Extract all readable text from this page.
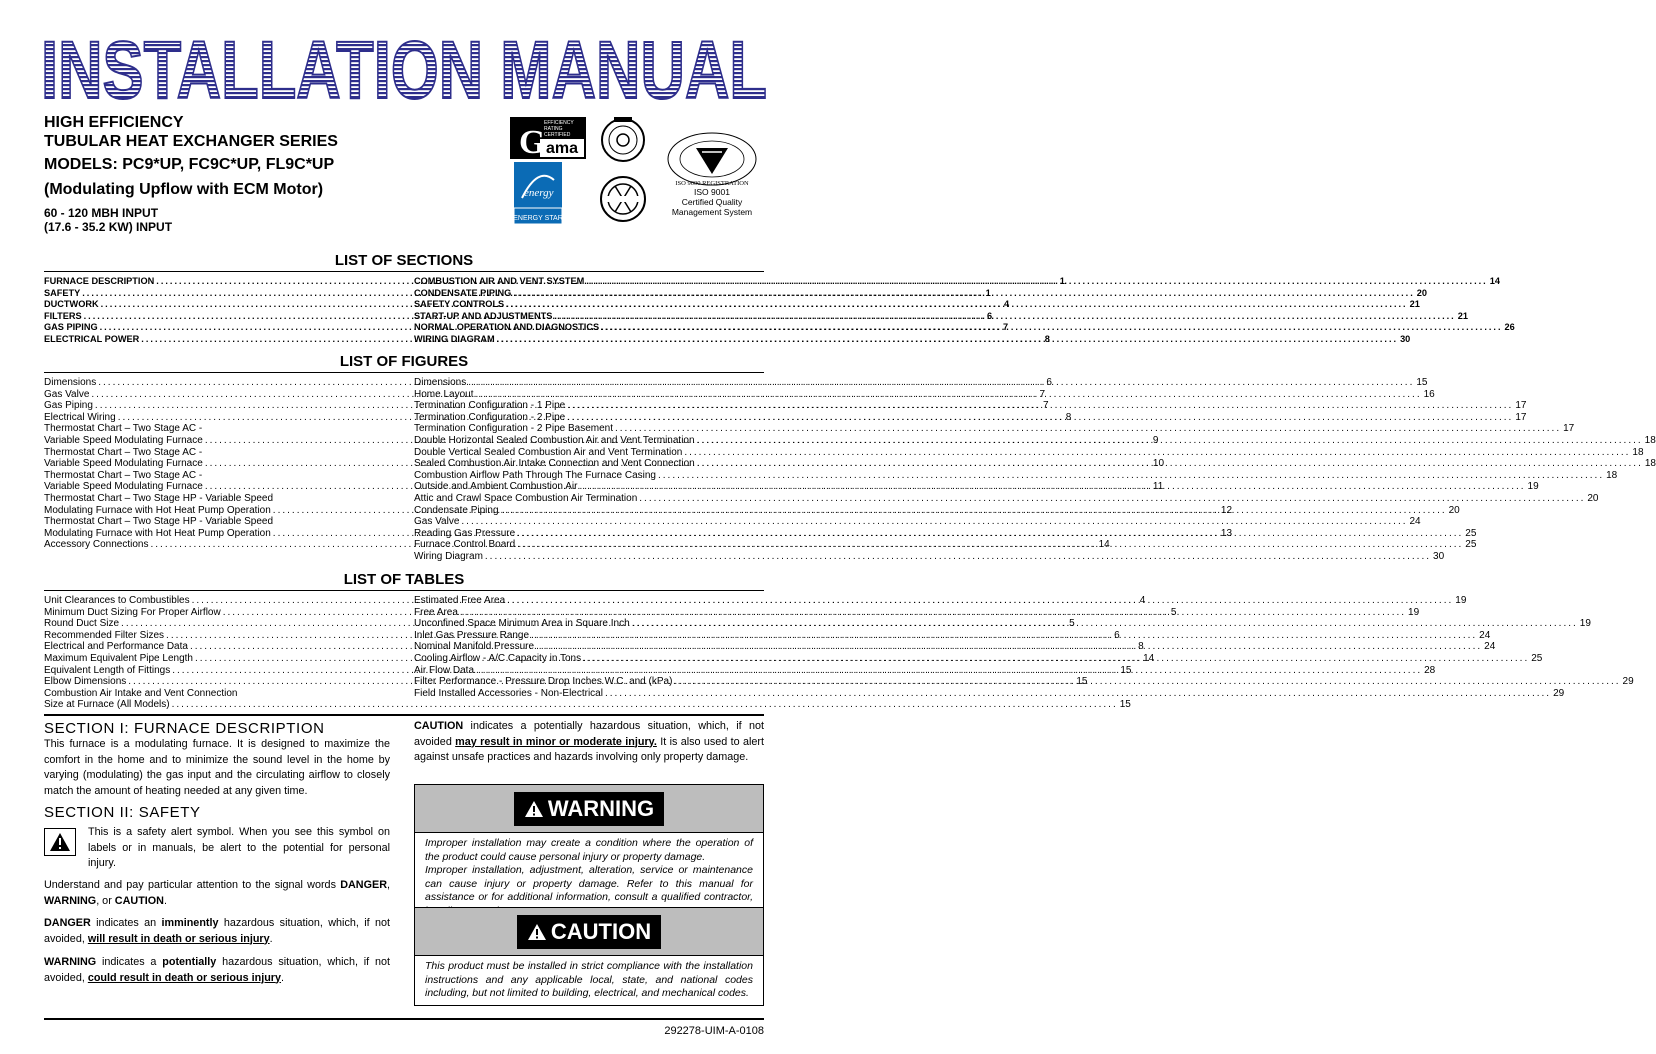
INSTALLATION MANUAL
HIGH EFFICIENCY
TUBULAR HEAT EXCHANGER SERIES
MODELS: PC9*UP, FC9C*UP, FL9C*UP
(Modulating Upflow with ECM Motor)
60 - 120 MBH INPUT
(17.6 - 35.2 KW) INPUT
G
EFFICIENCY
RATING
CERTIFIED
ama
energy
ENERGY STAR
ISO 9000 REGISTRATION
ISO 9001
Certified Quality
Management System
LIST OF SECTIONS
FURNACE DESCRIPTION .....	1
SAFETY .....	1
DUCTWORK .....	4
FILTERS .....	6
GAS PIPING .....	7
ELECTRICAL POWER .....	8
COMBUSTION AIR AND VENT SYSTEM .....	14
CONDENSATE PIPING .....	20
SAFETY CONTROLS .....	21
START-UP AND ADJUSTMENTS .....	21
NORMAL OPERATION AND DIAGNOSTICS .....	26
WIRING DIAGRAM .....	30
LIST OF FIGURES
Dimensions .....	6
Gas Valve .....	7
Gas Piping .....	7
Electrical Wiring .....	8
Thermostat Chart – Two Stage AC -
Variable Speed Modulating Furnace .....	9
Thermostat Chart – Two Stage AC -
Variable Speed Modulating Furnace .....	10
Thermostat Chart – Two Stage AC -
Variable Speed Modulating Furnace .....	11
Thermostat Chart – Two Stage HP - Variable Speed
Modulating Furnace with Hot Heat Pump Operation .....	12
Thermostat Chart – Two Stage HP - Variable Speed
Modulating Furnace with Hot Heat Pump Operation .....	13
Accessory Connections .....	14
Dimensions .....	15
Home Layout .....	16
Termination Configuration - 1 Pipe .....	17
Termination Configuration - 2 Pipe .....	17
Termination Configuration - 2 Pipe Basement .....	17
Double Horizontal Sealed Combustion Air and Vent Termination .....	18
Double Vertical Sealed Combustion Air and Vent Termination .....	18
Sealed Combustion Air Intake Connection and Vent Connection .....	18
Combustion Airflow Path Through The Furnace Casing .....	18
Outside and Ambient Combustion Air .....	19
Attic and Crawl Space Combustion Air Termination .....	20
Condensate Piping .....	20
Gas Valve .....	24
Reading Gas Pressure .....	25
Furnace Control Board .....	25
Wiring Diagram .....	30
LIST OF TABLES
Unit Clearances to Combustibles .....	4
Minimum Duct Sizing For Proper Airflow .....	5
Round Duct Size .....	5
Recommended Filter Sizes .....	6
Electrical and Performance Data .....	8
Maximum Equivalent Pipe Length .....	14
Equivalent Length of Fittings .....	15
Elbow Dimensions .....	15
Combustion Air Intake and Vent Connection
Size at Furnace (All Models) .....	15
Estimated Free Area .....	19
Free Area .....	19
Unconfined Space Minimum Area in Square Inch .....	19
Inlet Gas Pressure Range .....	24
Nominal Manifold Pressure .....	24
Cooling Airflow - A/C Capacity in Tons .....	25
Air Flow Data .....	28
Filter Performance - Pressure Drop Inches W.C. and (kPa) .....	29
Field Installed Accessories - Non-Electrical .....	29
SECTION I: FURNACE DESCRIPTION
This furnace is a modulating furnace. It is designed to maximize the comfort in the home and to minimize the sound level in the home by varying (modulating) the gas input and the circulating airflow to closely match the amount of heating needed at any given time.
SECTION II: SAFETY
This is a safety alert symbol. When you see this symbol on labels or in manuals, be alert to the potential for personal injury.
Understand and pay particular attention to the signal words DANGER, WARNING, or CAUTION.
DANGER indicates an imminently hazardous situation, which, if not avoided, will result in death or serious injury.
WARNING indicates a potentially hazardous situation, which, if not avoided, could result in death or serious injury.
CAUTION indicates a potentially hazardous situation, which, if not avoided may result in minor or moderate injury. It is also used to alert against unsafe practices and hazards involving only property damage.
WARNING
Improper installation may create a condition where the operation of the product could cause personal injury or property damage.
Improper installation, adjustment, alteration, service or maintenance can cause injury or property damage. Refer to this manual for assistance or for additional information, consult a qualified contractor,
CAUTION
This product must be installed in strict compliance with the installation instructions and any applicable local, state, and national codes including, but not limited to building, electrical, and mechanical codes.
292278-UIM-A-0108
